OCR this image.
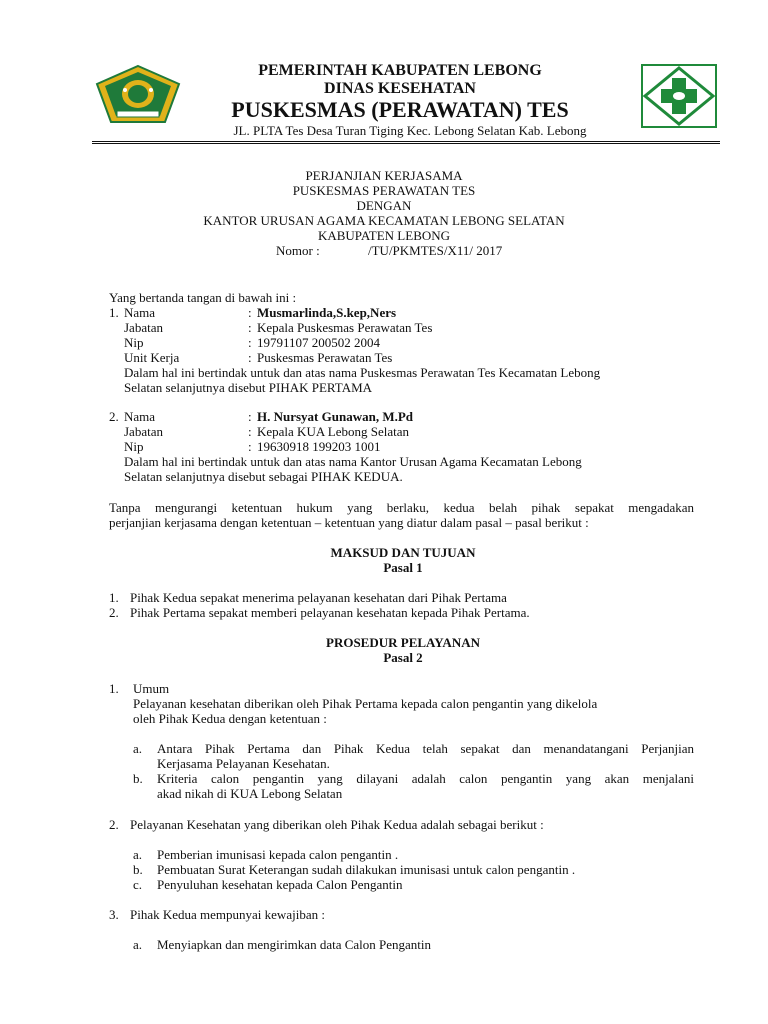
PEMERINTAH KABUPATEN LEBONG
DINAS KESEHATAN
PUSKESMAS (PERAWATAN) TES
JL. PLTA Tes Desa Turan Tiging Kec. Lebong Selatan Kab. Lebong
PERJANJIAN KERJASAMA
PUSKESMAS PERAWATAN TES
DENGAN
KANTOR URUSAN AGAMA KECAMATAN LEBONG SELATAN
KABUPATEN LEBONG
Nomor :	/TU/PKMTES/X11/ 2017
Yang bertanda tangan di bawah ini :
1. Nama	: Musmarlinda,S.kep,Ners
Jabatan	: Kepala Puskesmas Perawatan Tes
Nip	: 19791107 200502 2004
Unit Kerja	: Puskesmas Perawatan Tes
Dalam hal ini bertindak untuk dan atas nama Puskesmas Perawatan Tes Kecamatan Lebong
Selatan selanjutnya disebut PIHAK PERTAMA
2. Nama	: H. Nursyat Gunawan, M.Pd
Jabatan	: Kepala KUA Lebong Selatan
Nip	: 19630918 199203 1001
Dalam hal ini bertindak untuk dan atas nama Kantor Urusan Agama Kecamatan Lebong
Selatan selanjutnya disebut sebagai PIHAK KEDUA.
Tanpa mengurangi ketentuan hukum yang berlaku, kedua belah pihak sepakat mengadakan
perjanjian kerjasama dengan ketentuan – ketentuan yang diatur dalam pasal – pasal berikut :
MAKSUD DAN TUJUAN
Pasal 1
1. Pihak Kedua sepakat menerima pelayanan kesehatan dari Pihak Pertama
2. Pihak Pertama sepakat memberi pelayanan kesehatan kepada Pihak Pertama.
PROSEDUR PELAYANAN
Pasal 2
1. Umum
Pelayanan kesehatan diberikan oleh Pihak Pertama kepada calon pengantin yang dikelola
oleh Pihak Kedua dengan ketentuan :
a. Antara Pihak Pertama dan Pihak Kedua telah sepakat dan menandatangani Perjanjian
Kerjasama Pelayanan Kesehatan.
b. Kriteria calon pengantin yang dilayani adalah calon pengantin yang akan menjalani
akad nikah di KUA Lebong Selatan
2. Pelayanan Kesehatan yang diberikan oleh Pihak Kedua adalah sebagai berikut :
a. Pemberian imunisasi kepada calon pengantin .
b. Pembuatan Surat Keterangan sudah dilakukan imunisasi untuk calon pengantin .
c. Penyuluhan kesehatan kepada Calon Pengantin
3. Pihak Kedua mempunyai kewajiban :
a. Menyiapkan dan mengirimkan data Calon Pengantin
